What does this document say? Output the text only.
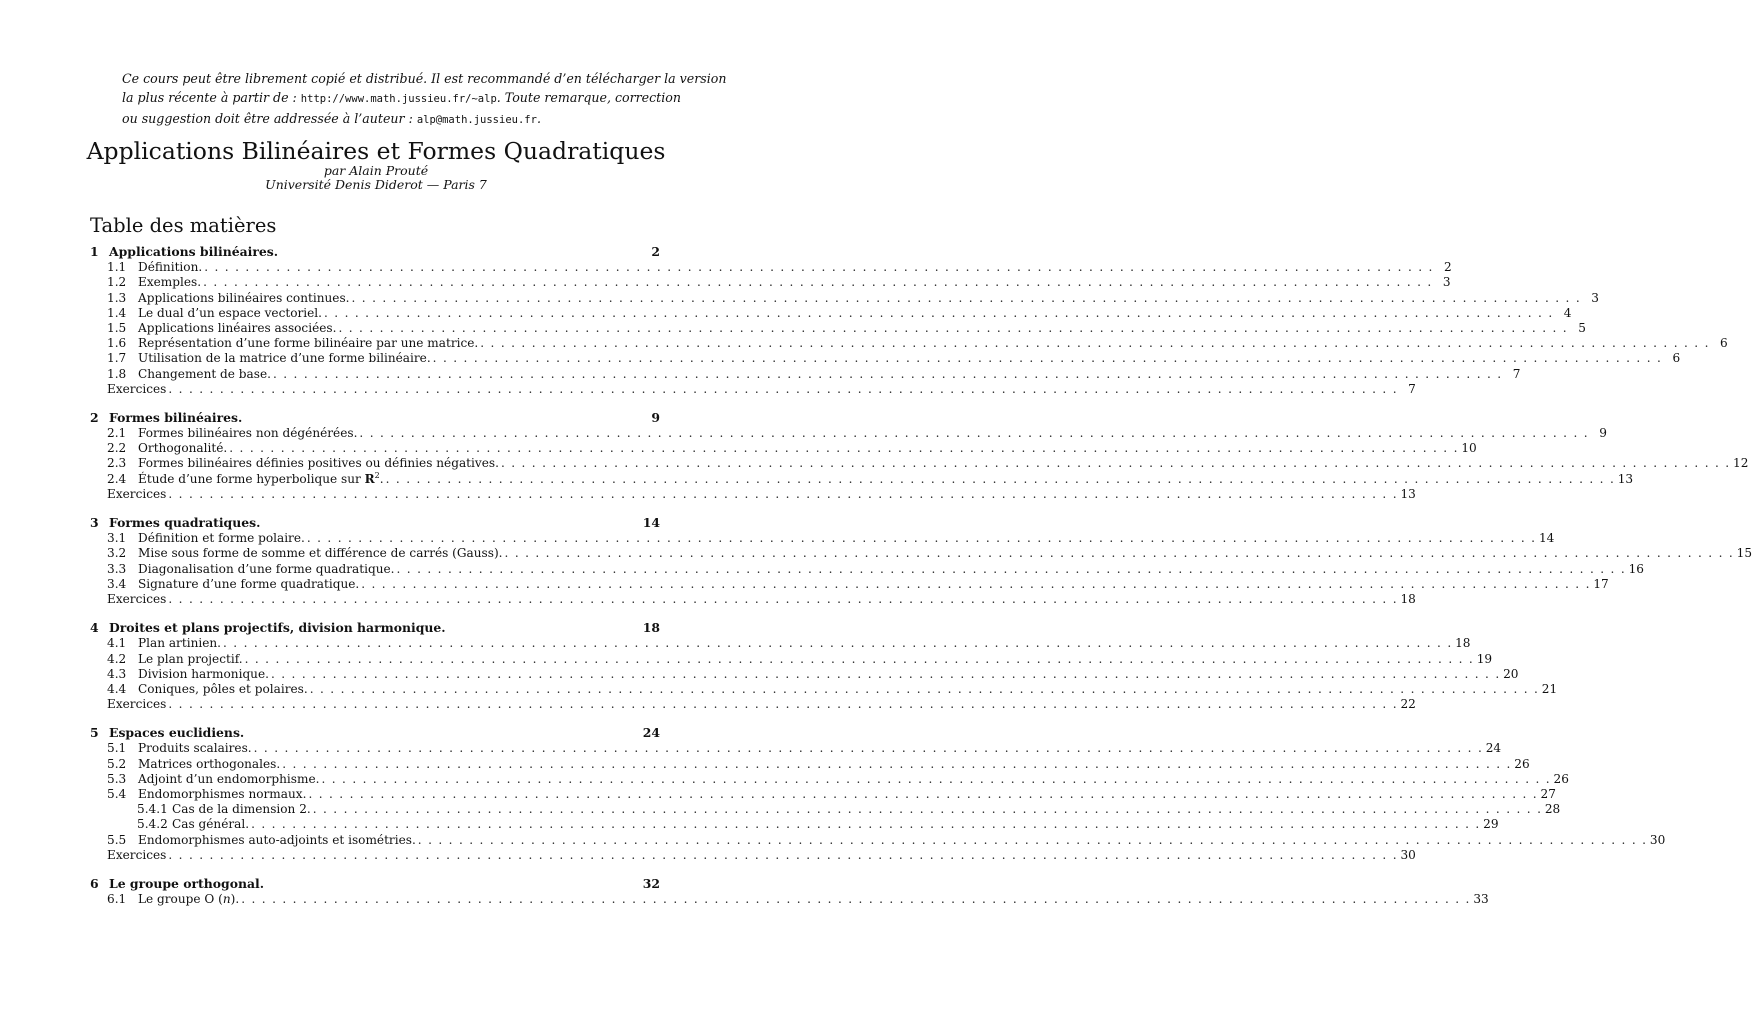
Ce cours peut être librement copié et distribué. Il est recommandé d’en télécharger la version
la plus récente à partir de : http://www.math.jussieu.fr/~alp. Toute remarque, correction
ou suggestion doit être addressée à l’auteur : alp@math.jussieu.fr.
Applications Bilinéaires et Formes Quadratiques
par Alain Prouté
Université Denis Diderot — Paris 7
Table des matières
1 Applications bilinéaires.	2
1.1 Définition. . . . . . . . . . . . . . . . . . . . . . . . . . . . . . . . . . . . . . . . . . . . . . . . . . . . . . . . . . . . . . . . . . . . . . . . . . . . . . . . . . . . . . . . . . . . . . . . . . . . . . . . . . . . . . . . . . . . . . . . . 2
1.2 Exemples. . . . . . . . . . . . . . . . . . . . . . . . . . . . . . . . . . . . . . . . . . . . . . . . . . . . . . . . . . . . . . . . . . . . . . . . . . . . . . . . . . . . . . . . . . . . . . . . . . . . . . . . . . . . . . . . . . . . . . . . . 3
1.3 Applications bilinéaires continues. . . . . . . . . . . . . . . . . . . . . . . . . . . . . . . . . . . . . . . . . . . . . . . . . . . . . . . . . . . . . . . . . . . . . . . . . . . . . . . . . . . . . . . . . . . . . . . . . . . . . . . . . . . . . . . . . . . . . . . . . 3
1.4 Le dual d’un espace vectoriel. . . . . . . . . . . . . . . . . . . . . . . . . . . . . . . . . . . . . . . . . . . . . . . . . . . . . . . . . . . . . . . . . . . . . . . . . . . . . . . . . . . . . . . . . . . . . . . . . . . . . . . . . . . . . . . . . . . . . . . . . 4
1.5 Applications linéaires associées. . . . . . . . . . . . . . . . . . . . . . . . . . . . . . . . . . . . . . . . . . . . . . . . . . . . . . . . . . . . . . . . . . . . . . . . . . . . . . . . . . . . . . . . . . . . . . . . . . . . . . . . . . . . . . . . . . . . . . . . . 5
1.6 Représentation d’une forme bilinéaire par une matrice. . . . . . . . . . . . . . . . . . . . . . . . . . . . . . . . . . . . . . . . . . . . . . . . . . . . . . . . . . . . . . . . . . . . . . . . . . . . . . . . . . . . . . . . . . . . . . . . . . . . . . . . . . . . . . . . . . . . . . . . . 6
1.7 Utilisation de la matrice d’une forme bilinéaire. . . . . . . . . . . . . . . . . . . . . . . . . . . . . . . . . . . . . . . . . . . . . . . . . . . . . . . . . . . . . . . . . . . . . . . . . . . . . . . . . . . . . . . . . . . . . . . . . . . . . . . . . . . . . . . . . . . . . . . . . 6
1.8 Changement de base. . . . . . . . . . . . . . . . . . . . . . . . . . . . . . . . . . . . . . . . . . . . . . . . . . . . . . . . . . . . . . . . . . . . . . . . . . . . . . . . . . . . . . . . . . . . . . . . . . . . . . . . . . . . . . . . . . . . . . . . . 7
Exercices . . . . . . . . . . . . . . . . . . . . . . . . . . . . . . . . . . . . . . . . . . . . . . . . . . . . . . . . . . . . . . . . . . . . . . . . . . . . . . . . . . . . . . . . . . . . . . . . . . . . . . . . . . . . . . . . . . . . . . . . 7
2 Formes bilinéaires.	9
2.1 Formes bilinéaires non dégénérées. . . . . . . . . . . . . . . . . . . . . . . . . . . . . . . . . . . . . . . . . . . . . . . . . . . . . . . . . . . . . . . . . . . . . . . . . . . . . . . . . . . . . . . . . . . . . . . . . . . . . . . . . . . . . . . . . . . . . . . . . 9
2.2 Orthogonalité. . . . . . . . . . . . . . . . . . . . . . . . . . . . . . . . . . . . . . . . . . . . . . . . . . . . . . . . . . . . . . . . . . . . . . . . . . . . . . . . . . . . . . . . . . . . . . . . . . . . . . . . . . . . . . . . . . . . . . . . . 10
2.3 Formes bilinéaires définies positives ou définies négatives. . . . . . . . . . . . . . . . . . . . . . . . . . . . . . . . . . . . . . . . . . . . . . . . . . . . . . . . . . . . . . . . . . . . . . . . . . . . . . . . . . . . . . . . . . . . . . . . . . . . . . . . . . . . . . . . . . . . . . . . . 12
2.4 Étude d’une forme hyperbolique sur $R^2$. . . . . . . . . . . . . . . . . . . . . . . . . . . . . . . . . . . . . . . . . . . . . . . . . . . . . . . . . . . . . . . . . . . . . . . . . . . . . . . . . . . . . . . . . . . . . . . . . . . . . . . . . . . . . . . . . . . . . . . . . 13
Exercices . . . . . . . . . . . . . . . . . . . . . . . . . . . . . . . . . . . . . . . . . . . . . . . . . . . . . . . . . . . . . . . . . . . . . . . . . . . . . . . . . . . . . . . . . . . . . . . . . . . . . . . . . . . . . . . . . . . . . . . . 13
3 Formes quadratiques.	14
3.1 Définition et forme polaire. . . . . . . . . . . . . . . . . . . . . . . . . . . . . . . . . . . . . . . . . . . . . . . . . . . . . . . . . . . . . . . . . . . . . . . . . . . . . . . . . . . . . . . . . . . . . . . . . . . . . . . . . . . . . . . . . . . . . . . . . 14
3.2 Mise sous forme de somme et différence de carrés (Gauss). . . . . . . . . . . . . . . . . . . . . . . . . . . . . . . . . . . . . . . . . . . . . . . . . . . . . . . . . . . . . . . . . . . . . . . . . . . . . . . . . . . . . . . . . . . . . . . . . . . . . . . . . . . . . . . . . . . . . . . . . 15
3.3 Diagonalisation d’une forme quadratique. . . . . . . . . . . . . . . . . . . . . . . . . . . . . . . . . . . . . . . . . . . . . . . . . . . . . . . . . . . . . . . . . . . . . . . . . . . . . . . . . . . . . . . . . . . . . . . . . . . . . . . . . . . . . . . . . . . . . . . . . 16
3.4 Signature d’une forme quadratique. . . . . . . . . . . . . . . . . . . . . . . . . . . . . . . . . . . . . . . . . . . . . . . . . . . . . . . . . . . . . . . . . . . . . . . . . . . . . . . . . . . . . . . . . . . . . . . . . . . . . . . . . . . . . . . . . . . . . . . . . 17
Exercices . . . . . . . . . . . . . . . . . . . . . . . . . . . . . . . . . . . . . . . . . . . . . . . . . . . . . . . . . . . . . . . . . . . . . . . . . . . . . . . . . . . . . . . . . . . . . . . . . . . . . . . . . . . . . . . . . . . . . . . . 18
4 Droites et plans projectifs, division harmonique.	18
4.1 Plan artinien. . . . . . . . . . . . . . . . . . . . . . . . . . . . . . . . . . . . . . . . . . . . . . . . . . . . . . . . . . . . . . . . . . . . . . . . . . . . . . . . . . . . . . . . . . . . . . . . . . . . . . . . . . . . . . . . . . . . . . . . . 18
4.2 Le plan projectif. . . . . . . . . . . . . . . . . . . . . . . . . . . . . . . . . . . . . . . . . . . . . . . . . . . . . . . . . . . . . . . . . . . . . . . . . . . . . . . . . . . . . . . . . . . . . . . . . . . . . . . . . . . . . . . . . . . . . . . . . 19
4.3 Division harmonique. . . . . . . . . . . . . . . . . . . . . . . . . . . . . . . . . . . . . . . . . . . . . . . . . . . . . . . . . . . . . . . . . . . . . . . . . . . . . . . . . . . . . . . . . . . . . . . . . . . . . . . . . . . . . . . . . . . . . . . . . 20
4.4 Coniques, pôles et polaires. . . . . . . . . . . . . . . . . . . . . . . . . . . . . . . . . . . . . . . . . . . . . . . . . . . . . . . . . . . . . . . . . . . . . . . . . . . . . . . . . . . . . . . . . . . . . . . . . . . . . . . . . . . . . . . . . . . . . . . . . 21
Exercices . . . . . . . . . . . . . . . . . . . . . . . . . . . . . . . . . . . . . . . . . . . . . . . . . . . . . . . . . . . . . . . . . . . . . . . . . . . . . . . . . . . . . . . . . . . . . . . . . . . . . . . . . . . . . . . . . . . . . . . . 22
5 Espaces euclidiens.	24
5.1 Produits scalaires. . . . . . . . . . . . . . . . . . . . . . . . . . . . . . . . . . . . . . . . . . . . . . . . . . . . . . . . . . . . . . . . . . . . . . . . . . . . . . . . . . . . . . . . . . . . . . . . . . . . . . . . . . . . . . . . . . . . . . . . . 24
5.2 Matrices orthogonales. . . . . . . . . . . . . . . . . . . . . . . . . . . . . . . . . . . . . . . . . . . . . . . . . . . . . . . . . . . . . . . . . . . . . . . . . . . . . . . . . . . . . . . . . . . . . . . . . . . . . . . . . . . . . . . . . . . . . . . . . 26
5.3 Adjoint d’un endomorphisme. . . . . . . . . . . . . . . . . . . . . . . . . . . . . . . . . . . . . . . . . . . . . . . . . . . . . . . . . . . . . . . . . . . . . . . . . . . . . . . . . . . . . . . . . . . . . . . . . . . . . . . . . . . . . . . . . . . . . . . . . 26
5.4 Endomorphismes normaux. . . . . . . . . . . . . . . . . . . . . . . . . . . . . . . . . . . . . . . . . . . . . . . . . . . . . . . . . . . . . . . . . . . . . . . . . . . . . . . . . . . . . . . . . . . . . . . . . . . . . . . . . . . . . . . . . . . . . . . . . 27
5.4.1 Cas de la dimension 2. . . . . . . . . . . . . . . . . . . . . . . . . . . . . . . . . . . . . . . . . . . . . . . . . . . . . . . . . . . . . . . . . . . . . . . . . . . . . . . . . . . . . . . . . . . . . . . . . . . . . . . . . . . . . . . . . . . . . . . . . 28
5.4.2 Cas général. . . . . . . . . . . . . . . . . . . . . . . . . . . . . . . . . . . . . . . . . . . . . . . . . . . . . . . . . . . . . . . . . . . . . . . . . . . . . . . . . . . . . . . . . . . . . . . . . . . . . . . . . . . . . . . . . . . . . . . . . 29
5.5 Endomorphismes auto-adjoints et isométries. . . . . . . . . . . . . . . . . . . . . . . . . . . . . . . . . . . . . . . . . . . . . . . . . . . . . . . . . . . . . . . . . . . . . . . . . . . . . . . . . . . . . . . . . . . . . . . . . . . . . . . . . . . . . . . . . . . . . . . . . 30
Exercices . . . . . . . . . . . . . . . . . . . . . . . . . . . . . . . . . . . . . . . . . . . . . . . . . . . . . . . . . . . . . . . . . . . . . . . . . . . . . . . . . . . . . . . . . . . . . . . . . . . . . . . . . . . . . . . . . . . . . . . . 30
6 Le groupe orthogonal.	32
6.1 Le groupe O (n). . . . . . . . . . . . . . . . . . . . . . . . . . . . . . . . . . . . . . . . . . . . . . . . . . . . . . . . . . . . . . . . . . . . . . . . . . . . . . . . . . . . . . . . . . . . . . . . . . . . . . . . . . . . . . . . . . . . . . . . . 33
